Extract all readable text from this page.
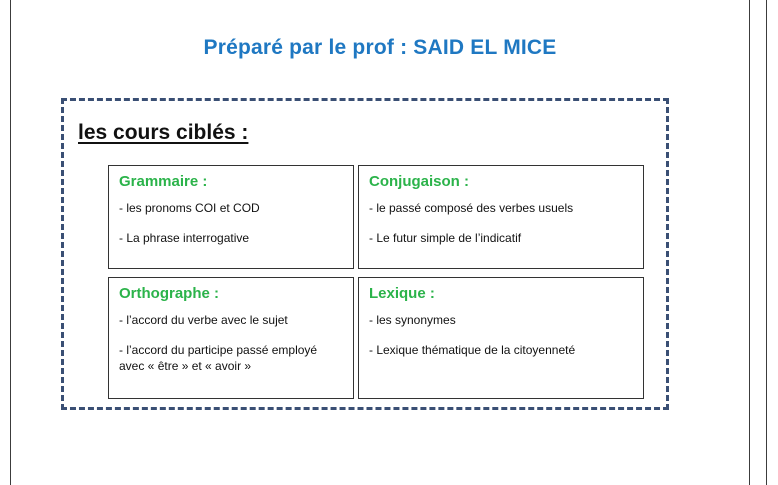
Préparé par le prof : SAID EL MICE
les cours ciblés :
Grammaire :
- les pronoms COI et COD
- La phrase interrogative
Conjugaison :
- le passé composé des verbes usuels
- Le futur simple de l’indicatif
Orthographe :
- l’accord du verbe avec le sujet
- l’accord du participe passé employé avec « être » et « avoir »
Lexique :
- les synonymes
- Lexique thématique de la citoyenneté
